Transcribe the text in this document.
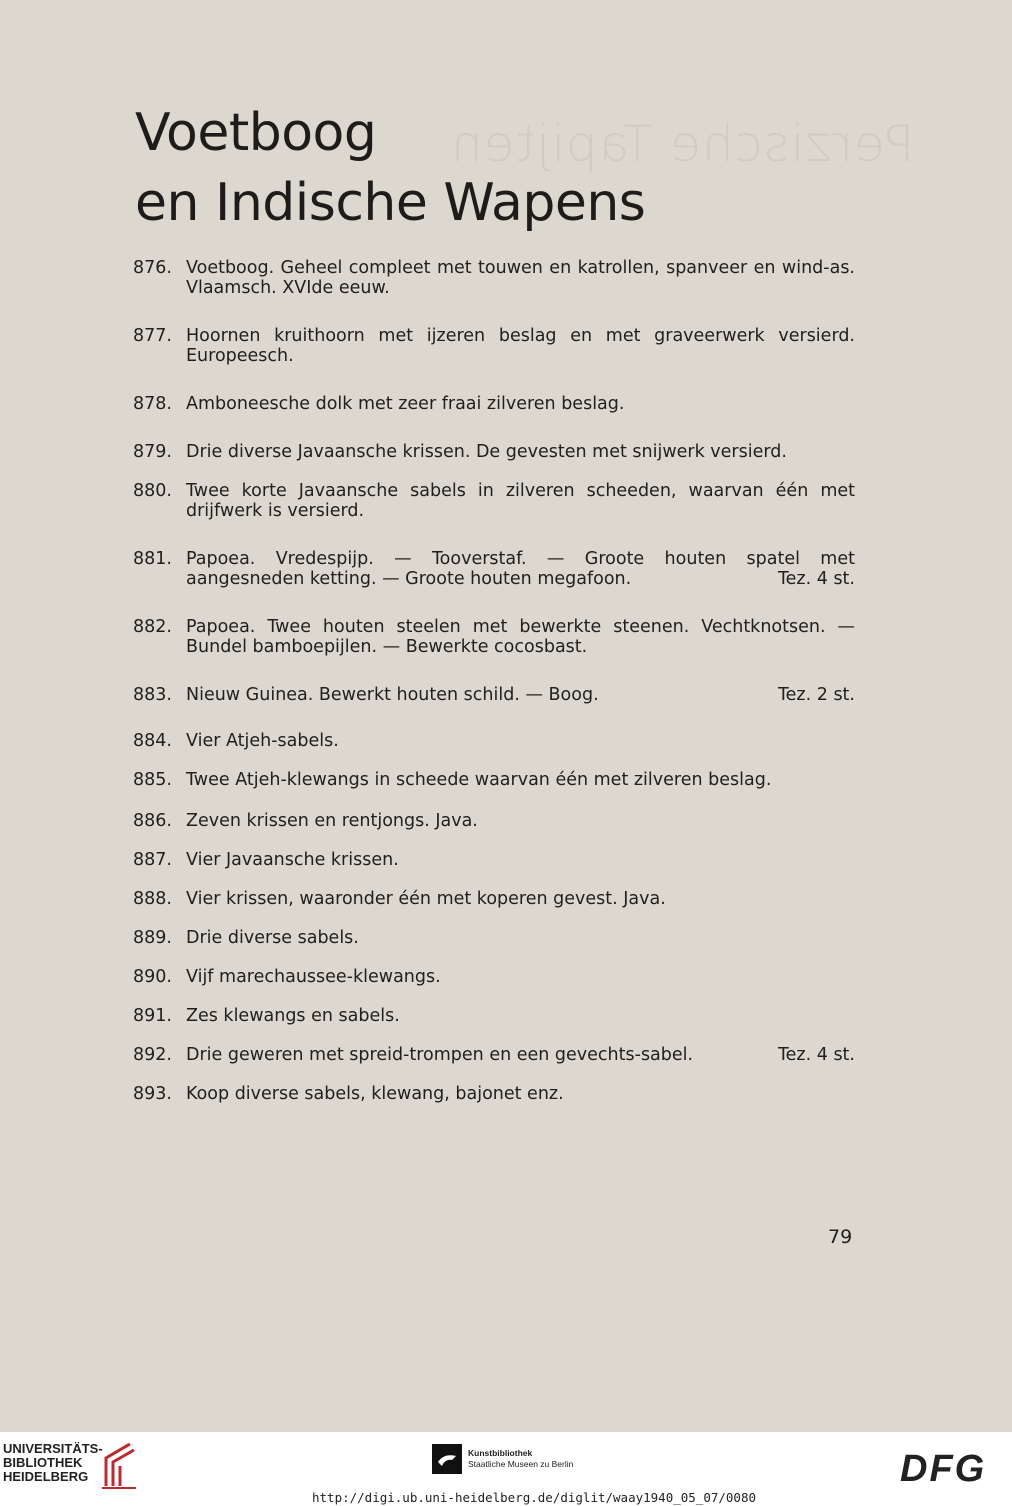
Perzische Tapijten
Voetboog
en Indische Wapens
876. Voetboog. Geheel compleet met touwen en katrollen, spanveer en wind-as. Vlaamsch. XVIde eeuw.
877. Hoornen kruithoorn met ijzeren beslag en met graveerwerk versierd. Europeesch.
878. Amboneesche dolk met zeer fraai zilveren beslag.
879. Drie diverse Javaansche krissen. De gevesten met snijwerk versierd.
880. Twee korte Javaansche sabels in zilveren scheeden, waarvan één met drijfwerk is versierd.
881. Papoea. Vredespijp. — Tooverstaf. — Groote houten spatel met aangesneden ketting. — Groote houten megafoon.	Tez. 4 st.
882. Papoea. Twee houten steelen met bewerkte steenen. Vechtknotsen. — Bundel bamboepijlen. — Bewerkte cocosbast.
883. Nieuw Guinea. Bewerkt houten schild. — Boog.	Tez. 2 st.
884. Vier Atjeh-sabels.
885. Twee Atjeh-klewangs in scheede waarvan één met zilveren beslag.
886. Zeven krissen en rentjongs. Java.
887. Vier Javaansche krissen.
888. Vier krissen, waaronder één met koperen gevest. Java.
889. Drie diverse sabels.
890. Vijf marechaussee-klewangs.
891. Zes klewangs en sabels.
892. Drie geweren met spreid-trompen en een gevechts-sabel.	Tez. 4 st.
893. Koop diverse sabels, klewang, bajonet enz.
79
UNIVERSITÄTS-
BIBLIOTHEK
HEIDELBERG
Kunstbibliothek
Staatliche Museen zu Berlin	DFG
http://digi.ub.uni-heidelberg.de/diglit/waay1940_05_07/0080
